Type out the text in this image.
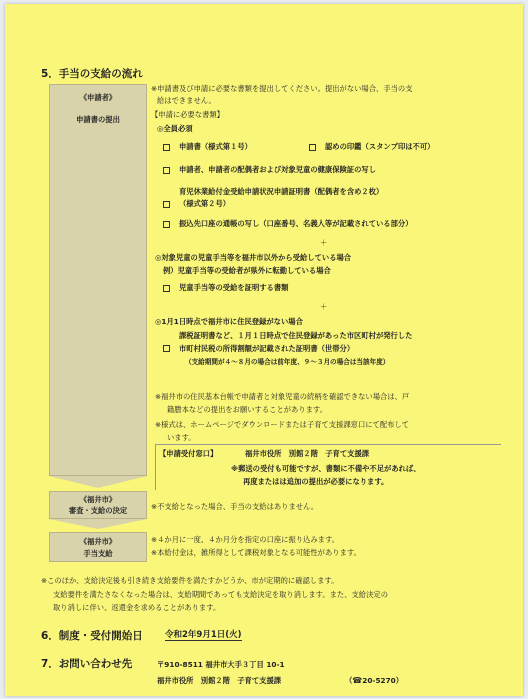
5．手当の支給の流れ
《申請者》
申請書の提出
《福井市》
審査・支給の決定
《福井市》
手当支給
※申請書及び申請に必要な書類を提出してください。提出がない場合、手当の支
給はできません。
【申請に必要な書類】
◎全員必須
申請書（様式第１号）	認めの印鑑（スタンプ印は不可）
申請者、申請者の配偶者および対象児童の健康保険証の写し
育児休業給付金受給申請状況申請証明書（配偶者を含め２枚）
（様式第２号）
振込先口座の通帳の写し（口座番号、名義人等が記載されている部分）
＋
◎対象児童の児童手当等を福井市以外から受給している場合
例）児童手当等の受給者が県外に転勤している場合
児童手当等の受給を証明する書類
＋
◎1月1日時点で福井市に住民登録がない場合
課税証明書など、１月１日時点で住民登録があった市区町村が発行した
市町村民税の所得割額が記載された証明書（世帯分）
（支給期間が４～８月の場合は前年度、９～３月の場合は当該年度）
※福井市の住民基本台帳で申請者と対象児童の続柄を確認できない場合は、戸
籍謄本などの提出をお願いすることがあります。
※様式は、ホームページでダウンロードまたは子育て支援課窓口にて配布して
います。
【申請受付窓口】	福井市役所　別館２階　子育て支援課
※郵送の受付も可能ですが、書類に不備や不足があれば、
再度またはは追加の提出が必要になります。
※不支給となった場合、手当の支給はありません。
※４か月に一度、４か月分を指定の口座に振り込みます。
※本給付金は，雑所得として課税対象となる可能性があります。
※このほか、支給決定後も引き続き支給要件を満たすかどうか、市が定期的に確認します。
支給要件を満たさなくなった場合は、支給期間であっても支給決定を取り消します。また、支給決定の
取り消しに伴い、返還金を求めることがあります。
6．制度・受付開始日	令和2年9月1日(火)
7．お問い合わせ先	〒910-8511 福井市大手３丁目 10-1
福井市役所　別館２階　子育て支援課	（☎20-5270）
